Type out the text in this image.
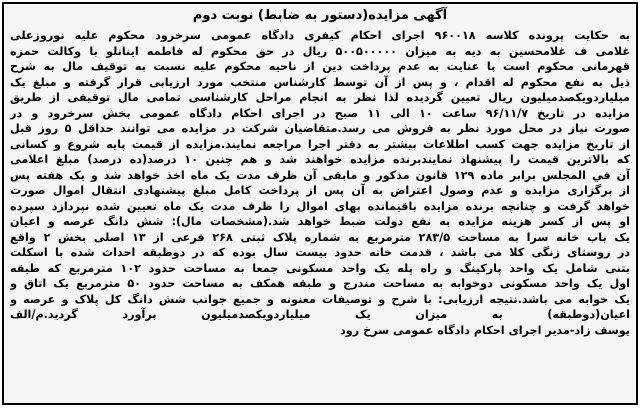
آگهی مزایده(دستور به ضابط) نوبت دوم
به حکایت پرونده کلاسه ۹۶۰۰۱۸ اجرای احکام کیفری دادگاه عمومی سرخرود محکوم علیه نوروزعلی
غلامی ف غلامحسین به دیه به میزان ۵۰۰۵۰۰۰۰۰ ریال در حق محکوم له فاطمه اینانلو با وکالت حمزه
قهرمانی محکوم است با عنایت به عدم پرداخت دین از ناحیه محکوم علیه نسبت به توقیف مال به شرح
ذیل به نفع محکوم له اقدام ، و پس از آن توسط کارشناس منتخب مورد ارزیابی قرار گرفته و مبلغ یک
میلیاردویکصدمیلیون ریال تعیین گردیده لذا نظر به انجام مراحل کارشناسی تمامی مال توقیفی از طریق
مزایده در تاریخ ۹۶/۱۱/۷ ساعت ۱۰ الی ۱۱ صبح در اجرای احکام دادگاه عمومی بخش سرخرود و در
صورت نیاز در محل مورد نظر به فروش می رسد.متقاضیان شرکت در مزایده می توانند حداقل ۵ روز قبل
از تاریخ مزایده جهت کسب اطلاعات بیشتر به دفتر اجرا مراجعه نمایند.مزایده از قیمت پایه شروع و کسانی
که بالاترین قیمت را پیشنهاد نمایندبرنده مزایده خواهند شد و هم چنین ۱۰ درصد(ده درصد) مبلغ اعلامی
آن في المجلس برابر ماده ۱۲۹ قانون مذکور و مابقی آن ظرف مدت یک ماه اخذ خواهد شد و یک هفته پس
از برگزاری مزایده و عدم وصول اعتراض به آن پس از پرداخت کامل مبلغ پیشنهادی انتقال اموال صورت
خواهد گرفت و چنانچه برنده مزایده باقیمانده بهای اموال را ظرف مدت یک ماه تعیین شده نپردازد سپرده
او پس از کسر هزینه مزایده به نفع دولت ضبط خواهد شد.(مشخصات مال): شش دانگ عرصه و اعیان
یک باب خانه سرا به مساحت ۲۸۳/۵ مترمربع به شماره پلاک ثبتی ۲۶۸ فرعی از ۱۳ اصلی بخش ۲ واقع
در روستای زنگی کلا می باشد ، قدمت خانه حدود بیست سال بوده که در دوطبقه احداث شده با اسکلت
بتنی شامل یک واحد پارکینگ و راه پله یک واحد مسکونی جمعا به مساحت حدود ۱۰۲ مترمربع که طبقه
اول یک واحد مسکونی دوخوابه به مساحت مندرج و طبقه همکف به مساحت حدود ۵۰ مترمربع یک اتاق و
یک خوابه می باشد.نتیجه ارزیابی: با شرح و توصیفات معنونه و جمیع جوانب شش دانگ کل پلاک و عرصه و
اعیان(دوطبقه) به میزان یک میلیاردویکصدمیلیون برآورد گردید.م/الف
یوسف زاد-مدیر اجرای احکام دادگاه عمومی سرخ رود
